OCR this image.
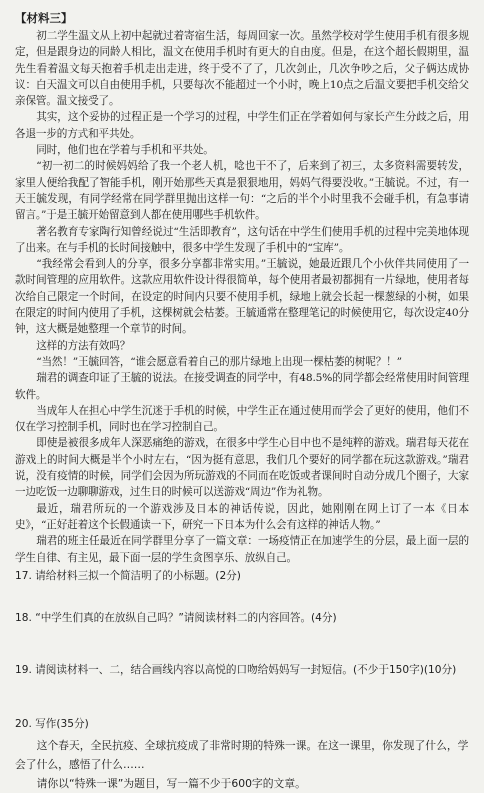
【材料三】

初二学生温文从上初中起就过着寄宿生活，每周回家一次。虽然学校对学生使用手机有很多规定，但是跟身边的同龄人相比，温文在使用手机时有更大的自由度。但是，在这个超长假期里，温先生看着温文每天抱着手机走出走进，终于受不了了，几次剑止，几次争吵之后，父子俩达成协议：白天温文可以自由使用手机，只要每次不能超过一个小时，晚上10点之后温文要把手机交给父亲保管。温文接受了。

其实，这个妥协的过程正是一个学习的过程，中学生们正在学着如何与家长产生分歧之后，用各退一步的方式和平共处。

同时，他们也在学着与手机和平共处。

“初一初二的时候妈妈给了我一个老人机，唸也干不了，后来到了初三，太多资料需要转发，家里人便给我配了智能手机，刚开始那些天真是狠狠地用，妈妈气得要没收。”王毓说。不过，有一天王毓发现，有同学经常在同学群里抛出这样一句：“之后的半个小时里我不会碰手机，有急事请留言。”于是王毓开始留意到人都在使用哪些手机软件。

著名教育专家陶行知曾经说过“生活即教育”，这句话在中学生们使用手机的过程中完美地体现了出来。在与手机的长时间接触中，很多中学生发现了手机中的“宝库”。

“我经常会看到人的分享，很多分享都非常实用。”王毓说，她最近跟几个小伙伴共同使用了一款时间管理的应用软件。这款应用软件设计得很简单，每个使用者最初都拥有一片绿地，使用者每次给自己限定一个时间，在设定的时间内只要不使用手机，绿地上就会长起一棵葱绿的小树，如果在限定的时间内使用了手机，这棵树就会枯萎。王毓通常在整理笔记的时候使用它，每次设定40分钟，这大概是她整理一个章节的时间。

这样的方法有效吗？

“当然！”王毓回答，“谁会愿意看着自己的那片绿地上出现一棵枯萎的树呢？！”

瑞君的调查印证了王毓的说法。在接受调查的同学中，有48.5%的同学都会经常使用时间管理软件。

当成年人在担心中学生沉迷于手机的时候，中学生正在通过使用而学会了更好的使用，他们不仅在学习控制手机，同时也在学习控制自己。

即使是被很多成年人深恶痛绝的游戏，在很多中学生心目中也不是纯粹的游戏。瑞君每天花在游戏上的时间大概是半个小时左右，“因为挺有意思，我们几个要好的同学都在玩这款游戏。”瑞君说，没有疫情的时候，同学们会因为所玩游戏的不同而在吃饭或者课间时自动分成几个圈子，大家一边吃饭一边聊聊游戏，过生日的时候可以送游戏“周边”作为礼物。

最近，瑞君所玩的一个游戏涉及日本的神话传说，因此，她刚刚在网上订了一本《日本史》，“正好赶着这个长假通读一下，研究一下日本为什么会有这样的神话人物。”

瑞君的班主任最近在同学群里分享了一篇文章：一场疫情正在加速学生的分层，最上面一层的学生自律、有主见，最下面一层的学生贪图享乐、放纵自己。

17. 请给材料三拟一个简洁明了的小标题。(2分)

18. “中学生们真的在放纵自己吗？”请阅读材料二的内容回答。(4分)

19. 请阅读材料一、二，结合画线内容以高悦的口吻给妈妈写一封短信。(不少于150字)(10分)

20. 写作(35分)

这个春天，全民抗疫、全球抗疫成了非常时期的特殊一课。在这一课里，你发现了什么，学会了什么，感悟了什么……

请你以“特殊一课”为题目，写一篇不少于600字的文章。
